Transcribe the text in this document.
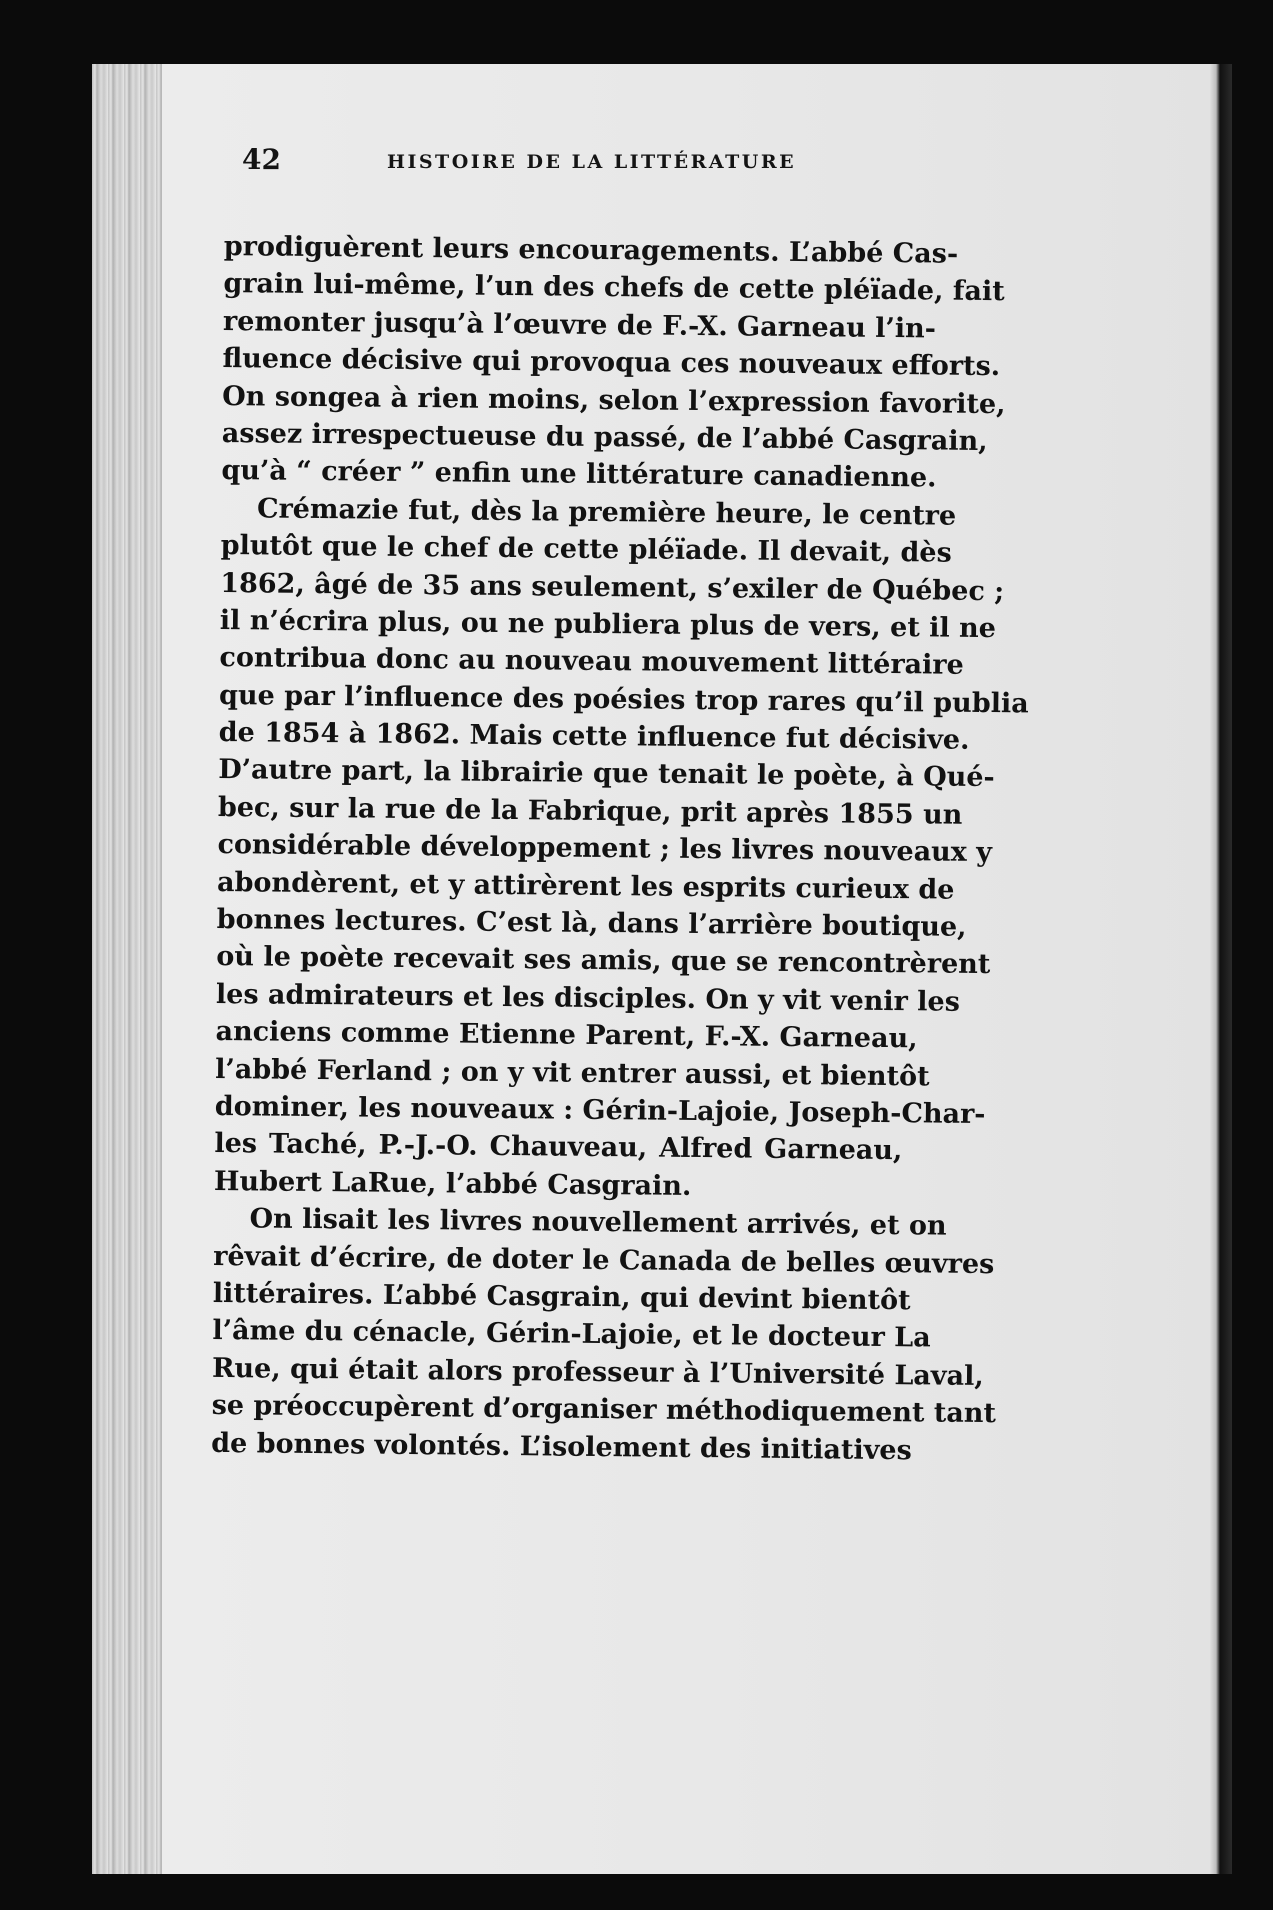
42	HISTOIRE DE LA LITTÉRATURE
prodiguèrent leurs encouragements. L’abbé Cas-
grain lui-même, l’un des chefs de cette pléïade, fait
remonter jusqu’à l’œuvre de F.-X. Garneau l’in-
fluence décisive qui provoqua ces nouveaux efforts.
On songea à rien moins, selon l’expression favorite,
assez irrespectueuse du passé, de l’abbé Casgrain,
qu’à “ créer ” enfin une littérature canadienne.
Crémazie fut, dès la première heure, le centre
plutôt que le chef de cette pléïade. Il devait, dès
1862, âgé de 35 ans seulement, s’exiler de Québec ;
il n’écrira plus, ou ne publiera plus de vers, et il ne
contribua donc au nouveau mouvement littéraire
que par l’influence des poésies trop rares qu’il publia
de 1854 à 1862. Mais cette influence fut décisive.
D’autre part, la librairie que tenait le poète, à Qué-
bec, sur la rue de la Fabrique, prit après 1855 un
considérable développement ; les livres nouveaux y
abondèrent, et y attirèrent les esprits curieux de
bonnes lectures. C’est là, dans l’arrière boutique,
où le poète recevait ses amis, que se rencontrèrent
les admirateurs et les disciples. On y vit venir les
anciens comme Etienne Parent, F.-X. Garneau,
l’abbé Ferland ; on y vit entrer aussi, et bientôt
dominer, les nouveaux : Gérin-Lajoie, Joseph-Char-
les Taché, P.-J.-O. Chauveau, Alfred Garneau,
Hubert LaRue, l’abbé Casgrain.
On lisait les livres nouvellement arrivés, et on
rêvait d’écrire, de doter le Canada de belles œuvres
littéraires. L’abbé Casgrain, qui devint bientôt
l’âme du cénacle, Gérin-Lajoie, et le docteur La
Rue, qui était alors professeur à l’Université Laval,
se préoccupèrent d’organiser méthodiquement tant
de bonnes volontés. L’isolement des initiatives
